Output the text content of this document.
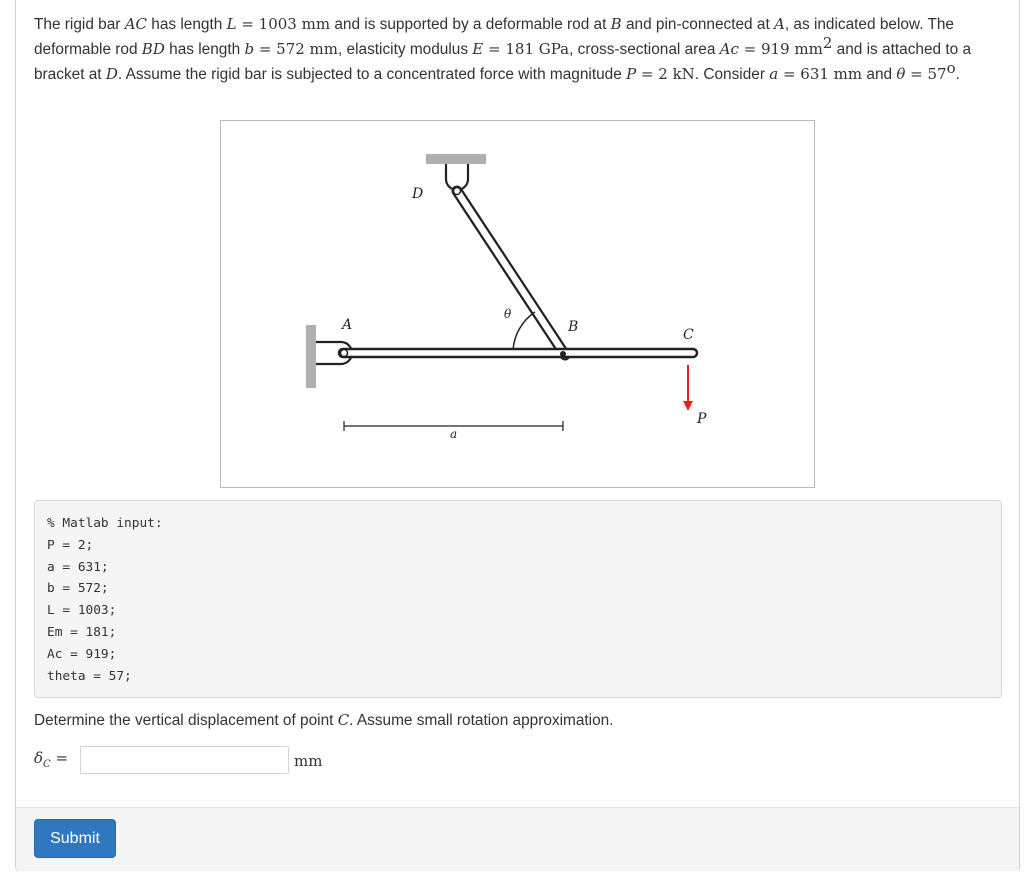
The rigid bar AC has length L = 1003 mm and is supported by a deformable rod at B and pin-connected at A, as indicated below. The deformable rod BD has length b = 572 mm, elasticity modulus E = 181 GPa, cross-sectional area Ac = 919 $mm^2$ and is attached to a bracket at D. Assume the rigid bar is subjected to a concentrated force with magnitude P = 2 kN. Consider a = 631 mm and $\theta = 57^o$.
D
A
θ
B	C
P
a
% Matlab input:
P = 2;
a = 631;
b = 572;
L = 1003;
Em = 181;
Ac = 919;
theta = 57;
Determine the vertical displacement of point C. Assume small rotation approximation.
$\delta_C$ =	mm
Submit
